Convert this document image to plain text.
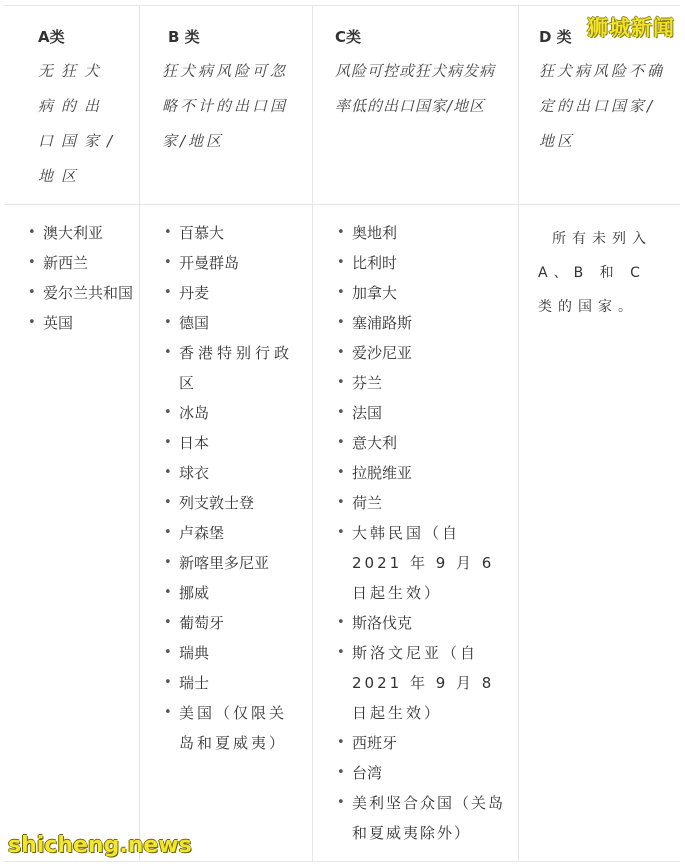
A类
无狂犬病的出口国家/地区
• 澳大利亚
• 新西兰
• 爱尔兰共和国
• 英国
B 类
狂犬病风险可忽略不计的出口国家/地区
• 百慕大
• 开曼群岛
• 丹麦
• 德国
• 香港特别行政区
• 冰岛
• 日本
• 球衣
• 列支敦士登
• 卢森堡
• 新喀里多尼亚
• 挪威
• 葡萄牙
• 瑞典
• 瑞士
• 美国（仅限关岛和夏威夷）
C类
风险可控或狂犬病发病率低的出口国家/地区
• 奥地利
• 比利时
• 加拿大
• 塞浦路斯
• 爱沙尼亚
• 芬兰
• 法国
• 意大利
• 拉脱维亚
• 荷兰
• 大韩民国（自 2021 年 9 月 6 日起生效）
• 斯洛伐克
• 斯洛文尼亚（自 2021 年 9 月 8 日起生效）
• 西班牙
• 台湾
• 美利坚合众国（关岛和夏威夷除外）
D 类
狂犬病风险不确定的出口国家/地区
所有未列入 A、B 和 C 类的国家。
狮城新闻
shicheng.news
